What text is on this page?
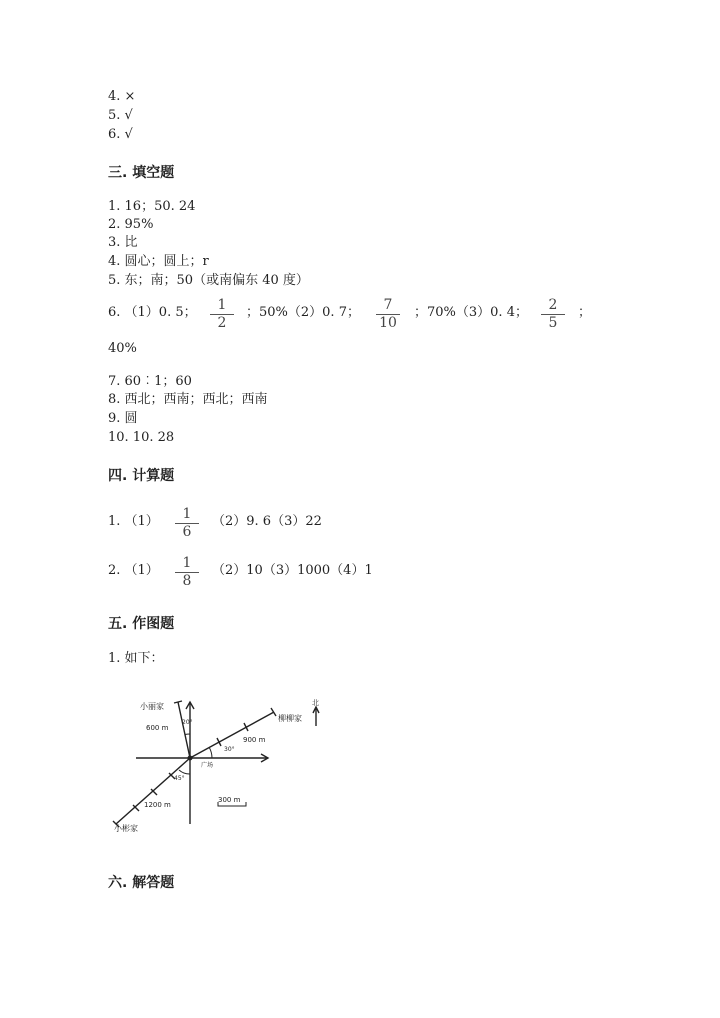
4. ×
5. √
6. √
三. 填空题
1. 16；50. 24
2. 95%
3. 比
4. 圆心；圆上；r
5. 东；南；50（或南偏东 40 度）
6. （1）0. 5；	1
2
；50%（2）0. 7；	7
10
；70%（3）0. 4；	2
5
；
40%
7. 60︰1；60
8. 西北；西南；西北；西南
9. 圆
10. 10. 28
四. 计算题
1. （1）	1
6
（2）9. 6（3）22
2. （1）	1
8
（2）10（3）1000（4）1
五. 作图题
1. 如下：
小丽家
柳柳家
小彬家
广场
北
600 m
900 m
1200 m
300 m
20°
30°
45°
六. 解答题
